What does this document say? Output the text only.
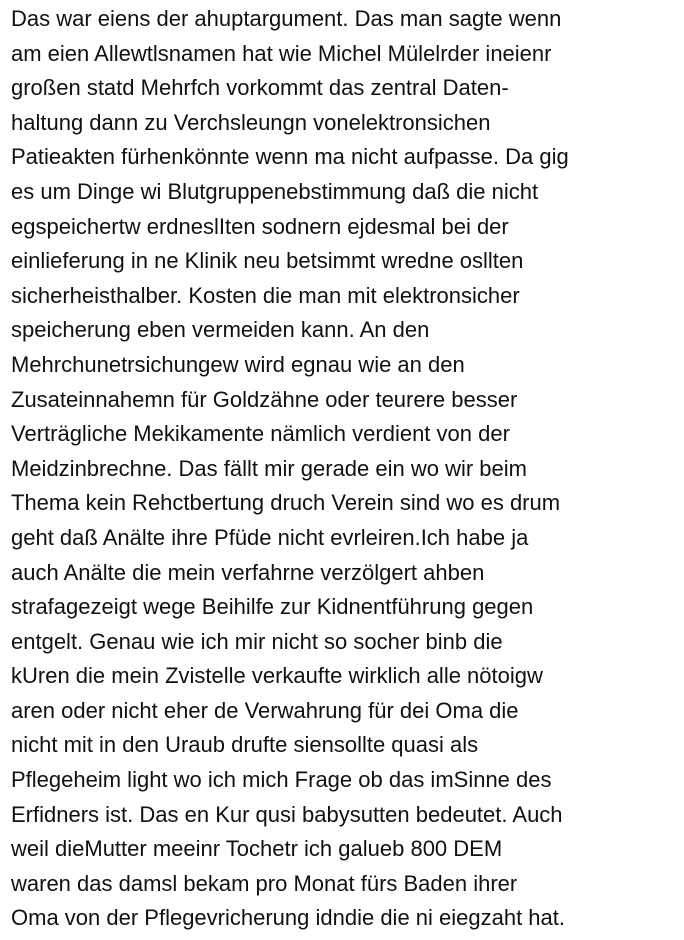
Das war eiens der ahuptargument. Das man sagte wenn
am eien Allewtlsnamen hat wie Michel Mülelrder ineienr
großen statd Mehrfch vorkommt das zentral Daten-
haltung dann zu Verchsleungn vonelektronsichen
Patieakten fürhenkönnte wenn ma nicht aufpasse. Da gig
es um Dinge wi Blutgruppenebstimmung daß die nicht
egspeichertw erdneslIten sodnern ejdesmal bei der
einlieferung in ne Klinik neu betsimmt wredne osllten
sicherheisthalber. Kosten die man mit elektronsicher
speicherung eben vermeiden kann. An den
Mehrchunetrsichungew wird egnau wie an den
Zusateinnahemn für Goldzähne oder teurere besser
Verträgliche Mekikamente nämlich verdient von der
Meidzinbrechne. Das fällt mir gerade ein wo wir beim
Thema kein Rehctbertung druch Verein sind wo es drum
geht daß Anälte ihre Pfüde nicht evrleiren.Ich habe ja
auch Anälte die mein verfahrne verzölgert ahben
strafagezeigt wege Beihilfe zur Kidnentführung gegen
entgelt. Genau wie ich mir nicht so socher binb die
kUren die mein Zvistelle verkaufte wirklich alle nötoigw
aren oder nicht eher de Verwahrung für dei Oma die
nicht mit in den Uraub drufte siensollte quasi als
Pflegeheim light wo ich mich Frage ob das imSinne des
Erfidners ist. Das en Kur qusi babysutten bedeutet. Auch
weil dieMutter meeinr Tochetr ich galueb 800 DEM
waren das damsl bekam pro Monat fürs Baden ihrer
Oma von der Pflegevricherung idndie die ni eiegzaht hat.
